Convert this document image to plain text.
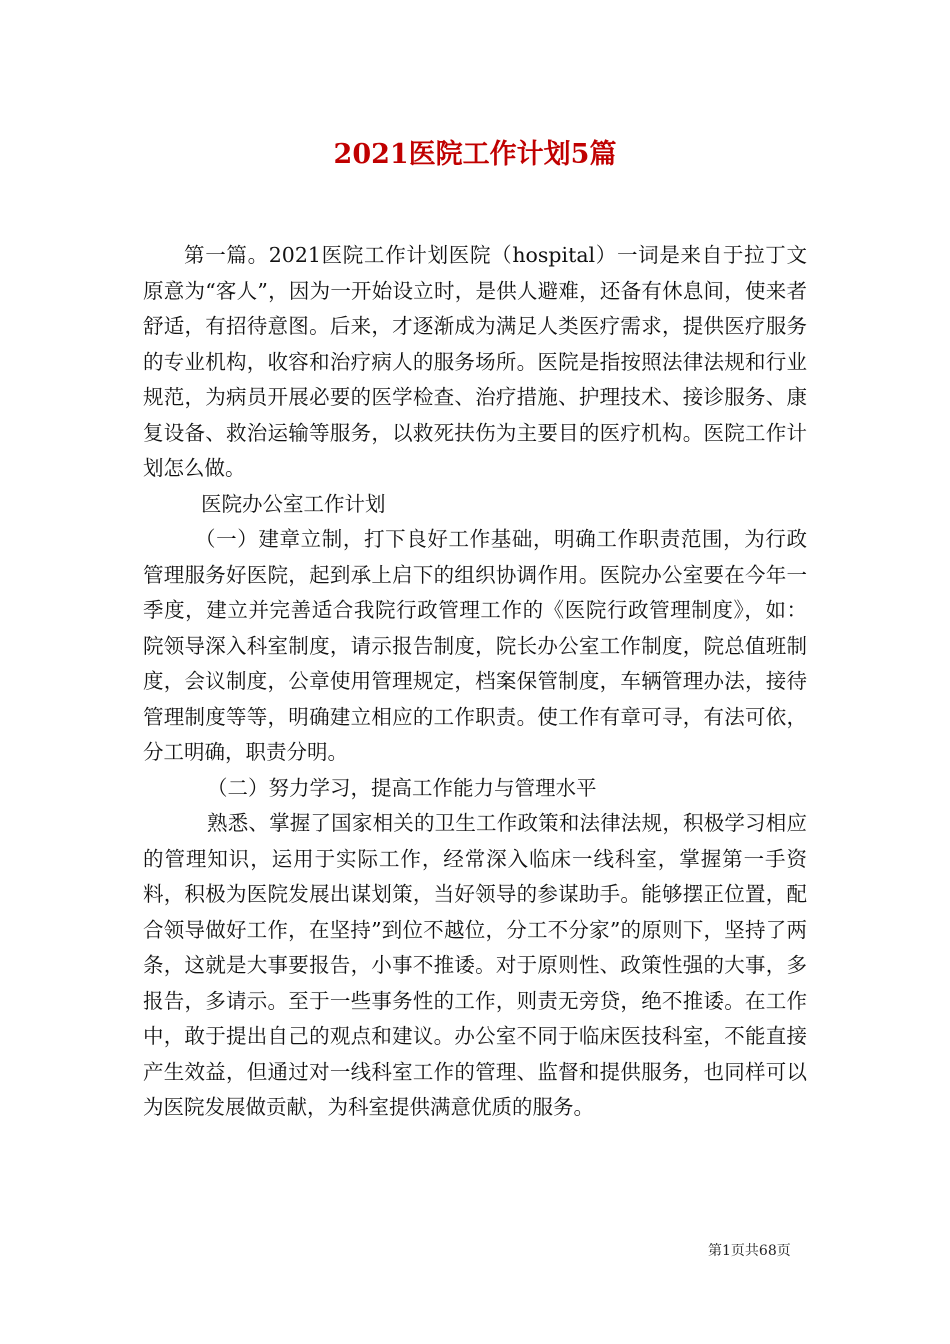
2021医院工作计划5篇

第一篇。2021医院工作计划医院（hospital）一词是来自于拉丁文原意为“客人”，因为一开始设立时，是供人避难，还备有休息间，使来者舒适，有招待意图。后来，才逐渐成为满足人类医疗需求，提供医疗服务的专业机构，收容和治疗病人的服务场所。医院是指按照法律法规和行业规范，为病员开展必要的医学检查、治疗措施、护理技术、接诊服务、康复设备、救治运输等服务，以救死扶伤为主要目的医疗机构。医院工作计划怎么做。

医院办公室工作计划

（一）建章立制，打下良好工作基础，明确工作职责范围，为行政管理服务好医院，起到承上启下的组织协调作用。医院办公室要在今年一季度，建立并完善适合我院行政管理工作的《医院行政管理制度》，如：院领导深入科室制度，请示报告制度，院长办公室工作制度，院总值班制度，会议制度，公章使用管理规定，档案保管制度，车辆管理办法，接待管理制度等等，明确建立相应的工作职责。使工作有章可寻，有法可依，分工明确，职责分明。

（二）努力学习，提高工作能力与管理水平

熟悉、掌握了国家相关的卫生工作政策和法律法规，积极学习相应的管理知识，运用于实际工作，经常深入临床一线科室，掌握第一手资料，积极为医院发展出谋划策，当好领导的参谋助手。能够摆正位置，配合领导做好工作，在坚持”到位不越位，分工不分家”的原则下，坚持了两条，这就是大事要报告，小事不推诿。对于原则性、政策性强的大事，多报告，多请示。至于一些事务性的工作，则责无旁贷，绝不推诿。在工作中，敢于提出自己的观点和建议。办公室不同于临床医技科室，不能直接产生效益，但通过对一线科室工作的管理、监督和提供服务，也同样可以为医院发展做贡献，为科室提供满意优质的服务。

第1页共68页
